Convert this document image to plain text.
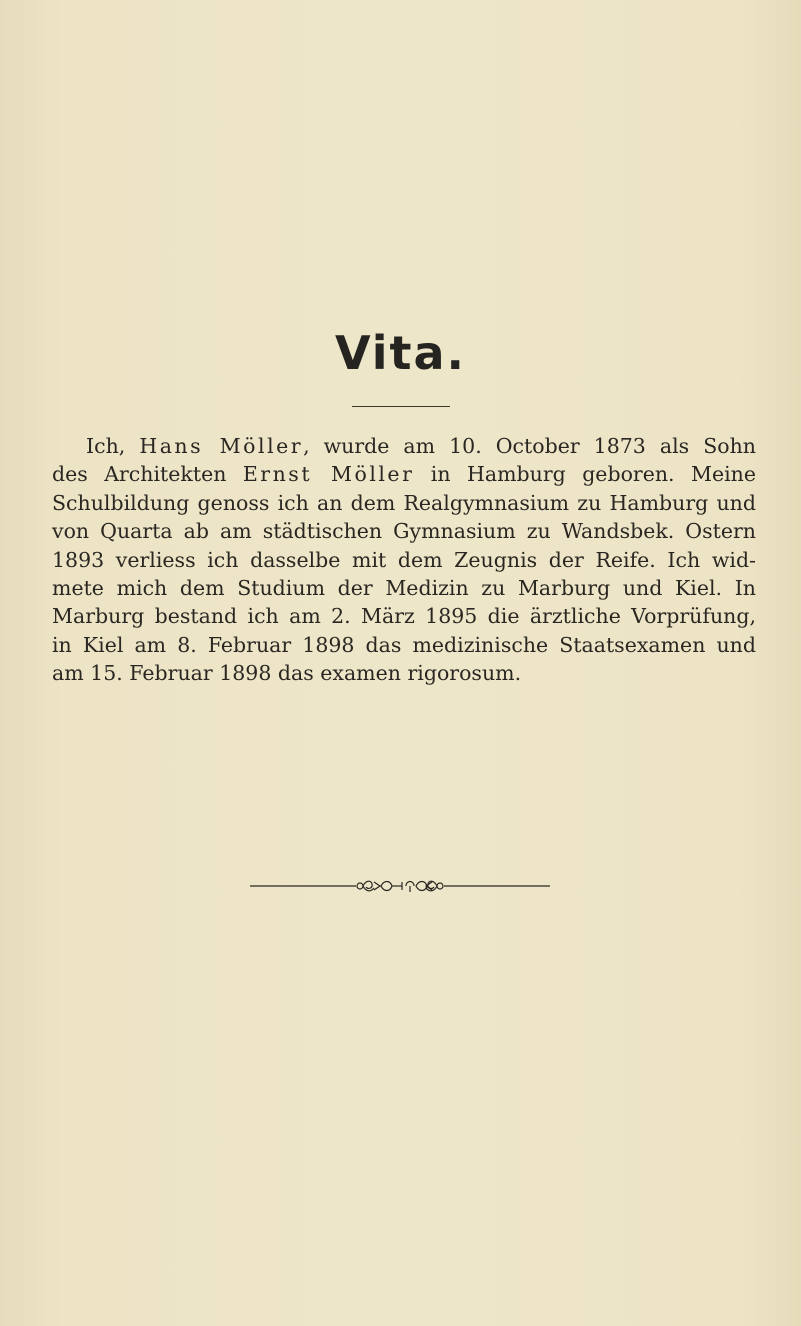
Vita.
Ich, Hans Möller, wurde am 10. October 1873 als Sohn
des Architekten Ernst Möller in Hamburg geboren. Meine
Schulbildung genoss ich an dem Realgymnasium zu Hamburg und
von Quarta ab am städtischen Gymnasium zu Wandsbek. Ostern
1893 verliess ich dasselbe mit dem Zeugnis der Reife. Ich wid-
mete mich dem Studium der Medizin zu Marburg und Kiel. In
Marburg bestand ich am 2. März 1895 die ärztliche Vorprüfung,
in Kiel am 8. Februar 1898 das medizinische Staatsexamen und
am 15. Februar 1898 das examen rigorosum.
